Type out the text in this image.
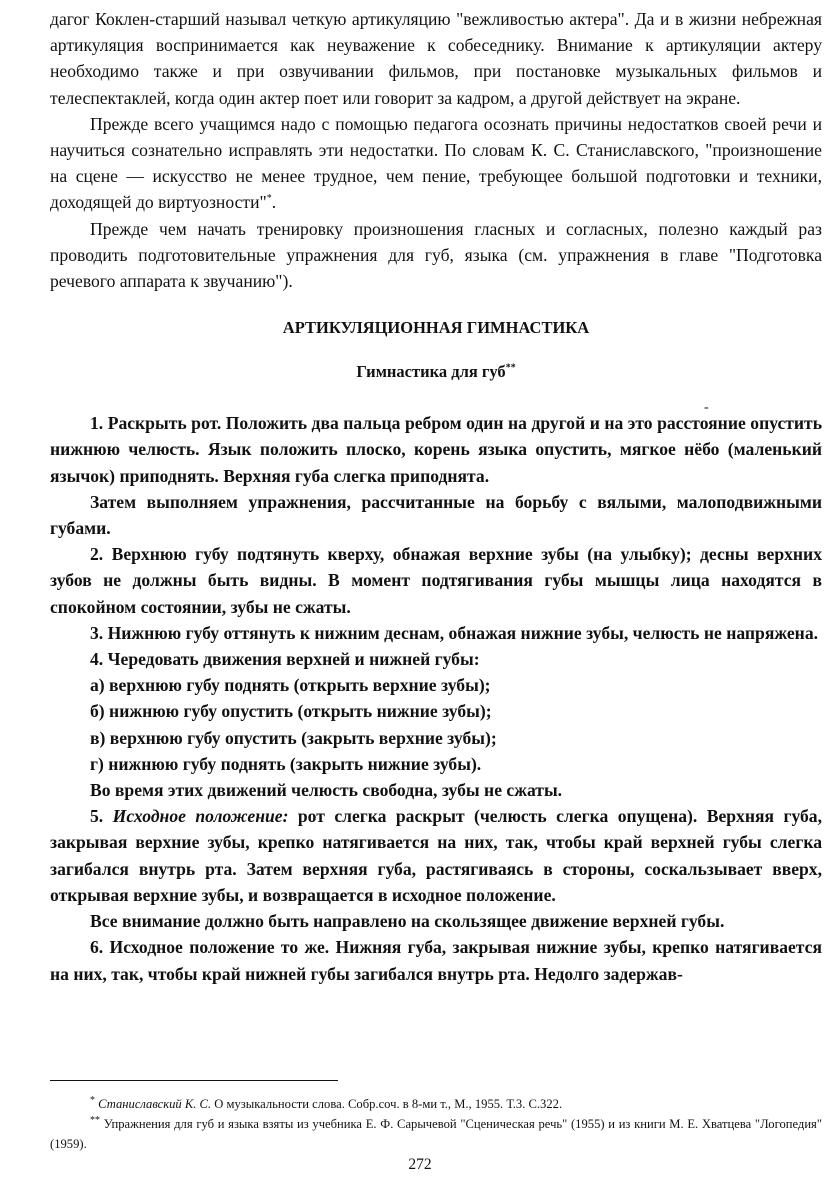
дагог Коклен-старший называл четкую артикуляцию "вежливостью актера". Да и в жизни небрежная артикуляция воспринимается как неуважение к собеседнику. Внимание к артикуляции актеру необходимо также и при озвучивании фильмов, при постановке музыкальных фильмов и телеспектаклей, когда один актер поет или говорит за кадром, а другой действует на экране.

Прежде всего учащимся надо с помощью педагога осознать причины недостатков своей речи и научиться сознательно исправлять эти недостатки. По словам К. С. Станиславского, "произношение на сцене — искусство не менее трудное, чем пение, требующее большой подготовки и техники, доходящей до виртуозности"*.

Прежде чем начать тренировку произношения гласных и согласных, полезно каждый раз проводить подготовительные упражнения для губ, языка (см. упражнения в главе "Подготовка речевого аппарата к звучанию").

АРТИКУЛЯЦИОННАЯ ГИМНАСТИКА
Гимнастика для губ**

1. Раскрыть рот. Положить два пальца ребром один на другой и на это расстояние опустить нижнюю челюсть. Язык положить плоско, корень языка опустить, мягкое нёбо (маленький язычок) приподнять. Верхняя губа слегка приподнята.

Затем выполняем упражнения, рассчитанные на борьбу с вялыми, малоподвижными губами.

2. Верхнюю губу подтянуть кверху, обнажая верхние зубы (на улыбку); десны верхних зубов не должны быть видны. В момент подтягивания губы мышцы лица находятся в спокойном состоянии, зубы не сжаты.

3. Нижнюю губу оттянуть к нижним деснам, обнажая нижние зубы, челюсть не напряжена.

4. Чередовать движения верхней и нижней губы:

а) верхнюю губу поднять (открыть верхние зубы);

б) нижнюю губу опустить (открыть нижние зубы);

в) верхнюю губу опустить (закрыть верхние зубы);

г) нижнюю губу поднять (закрыть нижние зубы).

Во время этих движений челюсть свободна, зубы не сжаты.

5. Исходное положение: рот слегка раскрыт (челюсть слегка опущена). Верхняя губа, закрывая верхние зубы, крепко натягивается на них, так, чтобы край верхней губы слегка загибался внутрь рта. Затем верхняя губа, растягиваясь в стороны, соскальзывает вверх, открывая верхние зубы, и возвращается в исходное положение.

Все внимание должно быть направлено на скользящее движение верхней губы.

6. Исходное положение то же. Нижняя губа, закрывая нижние зубы, крепко натягивается на них, так, чтобы край нижней губы загибался внутрь рта. Недолго задержав-

-

* Станиславский К. С. О музыкальности слова. Собр.соч. в 8-ми т., М., 1955. Т.3. С.322.

** Упражнения для губ и языка взяты из учебника Е. Ф. Сарычевой "Сценическая речь" (1955) и из книги М. Е. Хватцева "Логопедия" (1959).

272
